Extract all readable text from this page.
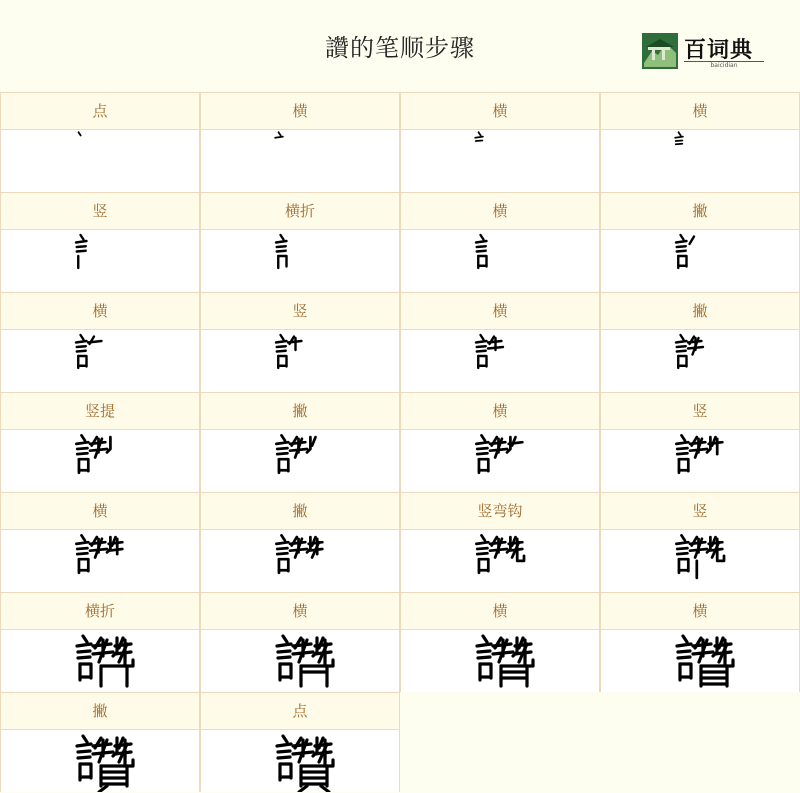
讚的笔顺步骤	百词典
baicidian
点	横	横	横
竖	横折	横	撇
横	竖	横	撇
竖提	撇	横	竖
横	撇	竖弯钩	竖
横折	横	横	横
撇	点
